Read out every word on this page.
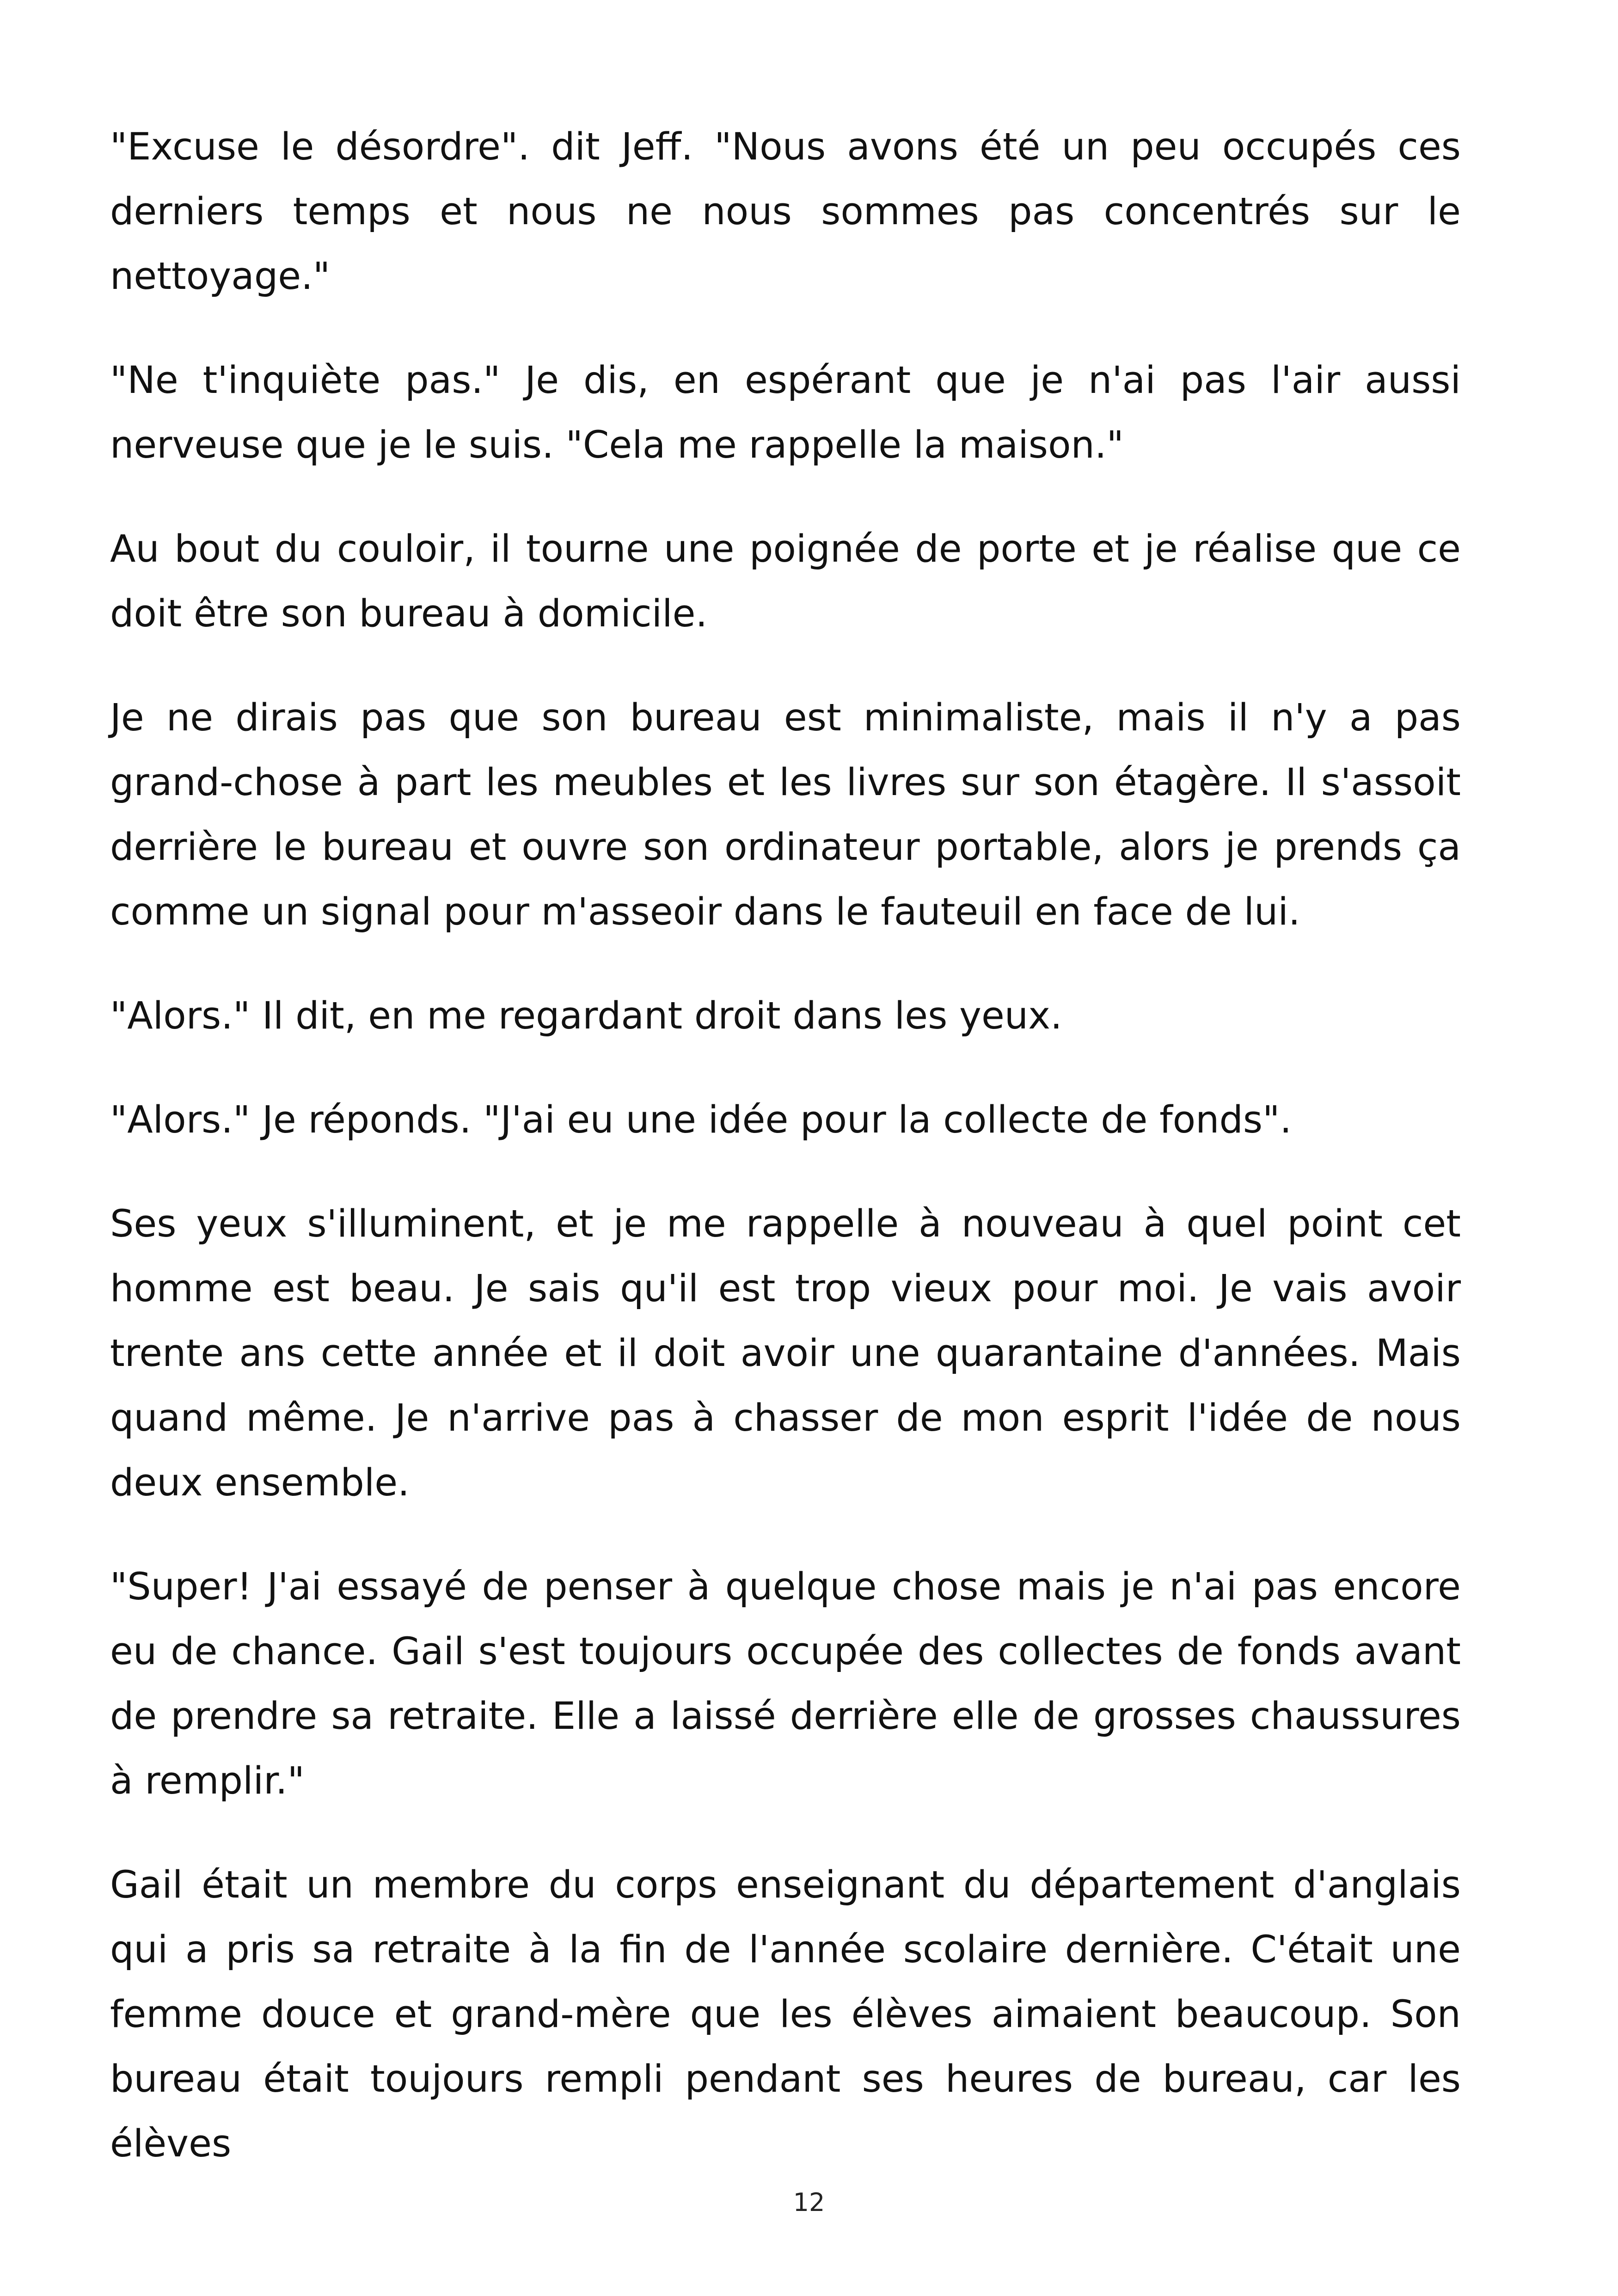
"Excuse le désordre". dit Jeff. "Nous avons été un peu occupés ces derniers temps et nous ne nous sommes pas concentrés sur le nettoyage."

"Ne t'inquiète pas." Je dis, en espérant que je n'ai pas l'air aussi nerveuse que je le suis. "Cela me rappelle la maison."

Au bout du couloir, il tourne une poignée de porte et je réalise que ce doit être son bureau à domicile.

Je ne dirais pas que son bureau est minimaliste, mais il n'y a pas grand-chose à part les meubles et les livres sur son étagère. Il s'assoit derrière le bureau et ouvre son ordinateur portable, alors je prends ça comme un signal pour m'asseoir dans le fauteuil en face de lui.

"Alors." Il dit, en me regardant droit dans les yeux.

"Alors." Je réponds. "J'ai eu une idée pour la collecte de fonds".

Ses yeux s'illuminent, et je me rappelle à nouveau à quel point cet homme est beau. Je sais qu'il est trop vieux pour moi. Je vais avoir trente ans cette année et il doit avoir une quarantaine d'années. Mais quand même. Je n'arrive pas à chasser de mon esprit l'idée de nous deux ensemble.

"Super! J'ai essayé de penser à quelque chose mais je n'ai pas encore eu de chance. Gail s'est toujours occupée des collectes de fonds avant de prendre sa retraite. Elle a laissé derrière elle de grosses chaussures à remplir."

Gail était un membre du corps enseignant du département d'anglais qui a pris sa retraite à la fin de l'année scolaire dernière. C'était une femme douce et grand-mère que les élèves aimaient beaucoup. Son bureau était toujours rempli pendant ses heures de bureau, car les élèves

12
